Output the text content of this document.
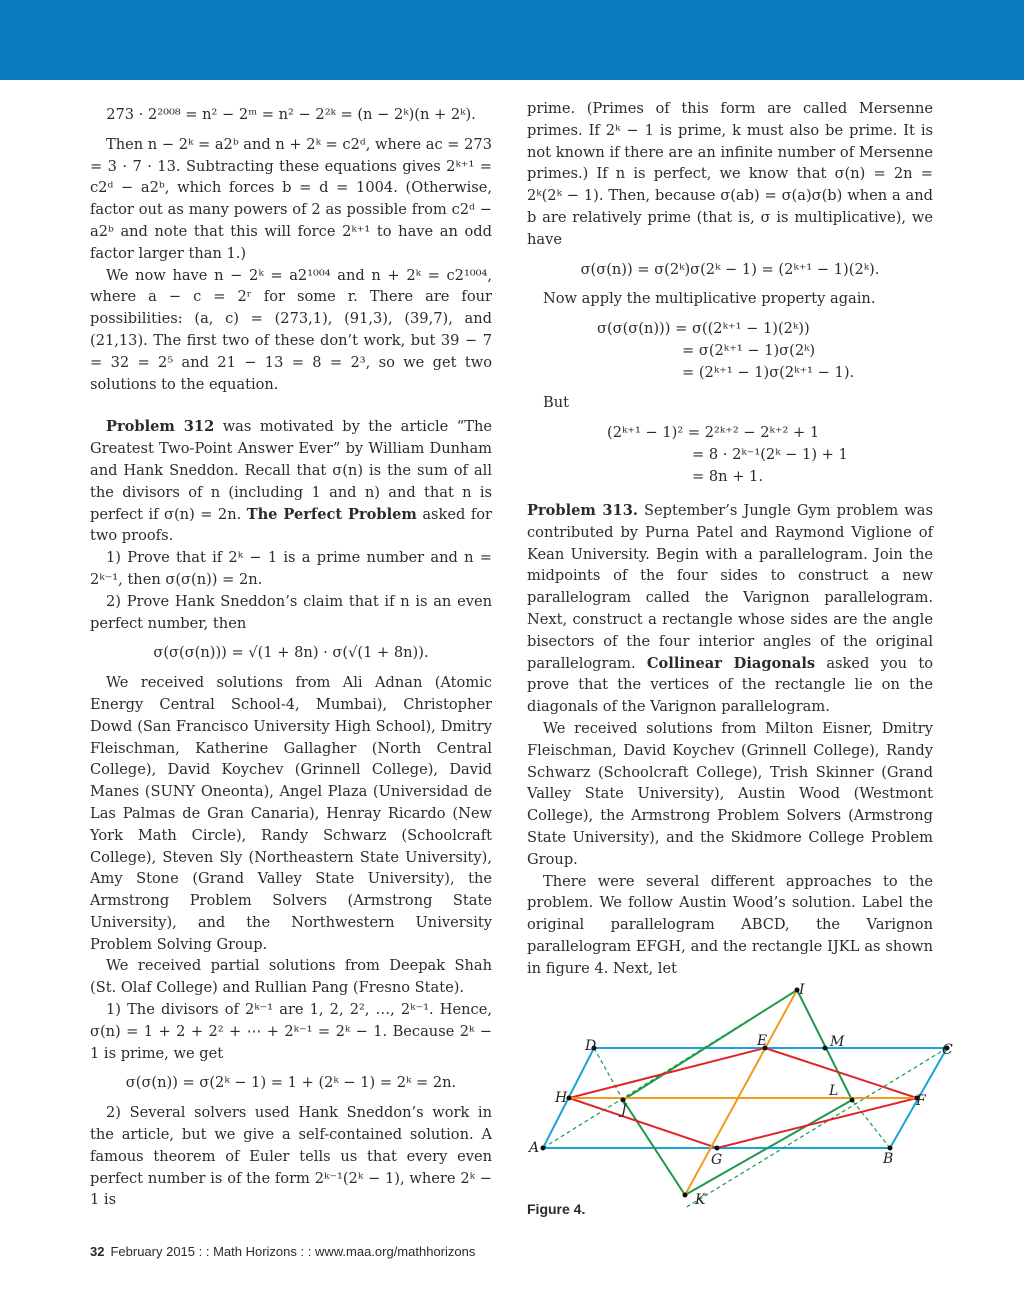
273 · 2²⁰⁰⁸ = n² − 2ᵐ = n² − 2²ᵏ = (n − 2ᵏ)(n + 2ᵏ).

Then n − 2ᵏ = a2ᵇ and n + 2ᵏ = c2ᵈ, where ac = 273 = 3 · 7 · 13. Subtracting these equations gives 2ᵏ⁺¹ = c2ᵈ − a2ᵇ, which forces b = d = 1004. (Otherwise, factor out as many powers of 2 as possible from c2ᵈ − a2ᵇ and note that this will force 2ᵏ⁺¹ to have an odd factor larger than 1.)

We now have n − 2ᵏ = a2¹⁰⁰⁴ and n + 2ᵏ = c2¹⁰⁰⁴, where a − c = 2ʳ for some r. There are four possibilities: (a, c) = (273,1), (91,3), (39,7), and (21,13). The first two of these don’t work, but 39 − 7 = 32 = 2⁵ and 21 − 13 = 8 = 2³, so we get two solutions to the equation.

Problem 312 was motivated by the article “The Greatest Two-Point Answer Ever” by William Dunham and Hank Sneddon. Recall that σ(n) is the sum of all the divisors of n (including 1 and n) and that n is perfect if σ(n) = 2n. The Perfect Problem asked for two proofs.

1) Prove that if 2ᵏ − 1 is a prime number and n = 2ᵏ⁻¹, then σ(σ(n)) = 2n.

2) Prove Hank Sneddon’s claim that if n is an even perfect number, then

σ(σ(σ(n))) = √(1 + 8n) · σ(√(1 + 8n)).

We received solutions from Ali Adnan (Atomic Energy Central School-4, Mumbai), Christopher Dowd (San Francisco University High School), Dmitry Fleischman, Katherine Gallagher (North Central College), David Koychev (Grinnell College), David Manes (SUNY Oneonta), Angel Plaza (Universidad de Las Palmas de Gran Canaria), Henray Ricardo (New York Math Circle), Randy Schwarz (Schoolcraft College), Steven Sly (Northeastern State University), Amy Stone (Grand Valley State University), the Armstrong Problem Solvers (Armstrong State University), and the Northwestern University Problem Solving Group.

We received partial solutions from Deepak Shah (St. Olaf College) and Rullian Pang (Fresno State).

1) The divisors of 2ᵏ⁻¹ are 1, 2, 2², …, 2ᵏ⁻¹. Hence, σ(n) = 1 + 2 + 2² + ⋯ + 2ᵏ⁻¹ = 2ᵏ − 1. Because 2ᵏ − 1 is prime, we get

σ(σ(n)) = σ(2ᵏ − 1) = 1 + (2ᵏ − 1) = 2ᵏ = 2n.

2) Several solvers used Hank Sneddon’s work in the article, but we give a self-contained solution. A famous theorem of Euler tells us that every even perfect number is of the form 2ᵏ⁻¹(2ᵏ − 1), where 2ᵏ − 1 is

prime. (Primes of this form are called Mersenne primes. If 2ᵏ − 1 is prime, k must also be prime. It is not known if there are an infinite number of Mersenne primes.) If n is perfect, we know that σ(n) = 2n = 2ᵏ(2ᵏ − 1). Then, because σ(ab) = σ(a)σ(b) when a and b are relatively prime (that is, σ is multiplicative), we have

σ(σ(n)) = σ(2ᵏ)σ(2ᵏ − 1) = (2ᵏ⁺¹ − 1)(2ᵏ).

Now apply the multiplicative property again.

σ(σ(σ(n))) = σ((2ᵏ⁺¹ − 1)(2ᵏ))
= σ(2ᵏ⁺¹ − 1)σ(2ᵏ)
= (2ᵏ⁺¹ − 1)σ(2ᵏ⁺¹ − 1).

But

(2ᵏ⁺¹ − 1)² = 2²ᵏ⁺² − 2ᵏ⁺² + 1
= 8 · 2ᵏ⁻¹(2ᵏ − 1) + 1
= 8n + 1.

Problem 313. September’s Jungle Gym problem was contributed by Purna Patel and Raymond Viglione of Kean University. Begin with a parallelogram. Join the midpoints of the four sides to construct a new parallelogram called the Varignon parallelogram. Next, construct a rectangle whose sides are the angle bisectors of the four interior angles of the original parallelogram. Collinear Diagonals asked you to prove that the vertices of the rectangle lie on the diagonals of the Varignon parallelogram.

We received solutions from Milton Eisner, Dmitry Fleischman, David Koychev (Grinnell College), Randy Schwarz (Schoolcraft College), Trish Skinner (Grand Valley State University), Austin Wood (Westmont College), the Armstrong Problem Solvers (Armstrong State University), and the Skidmore College Problem Group.

There were several different approaches to the problem. We follow Austin Wood’s solution. Label the original parallelogram ABCD, the Varignon parallelogram EFGH, and the rectangle IJKL as shown in figure 4. Next, let

A
B
C
D	E
F
G
H
I
J
K
L
M
Figure 4.
32 February 2015 : : Math Horizons : : www.maa.org/mathhorizons
